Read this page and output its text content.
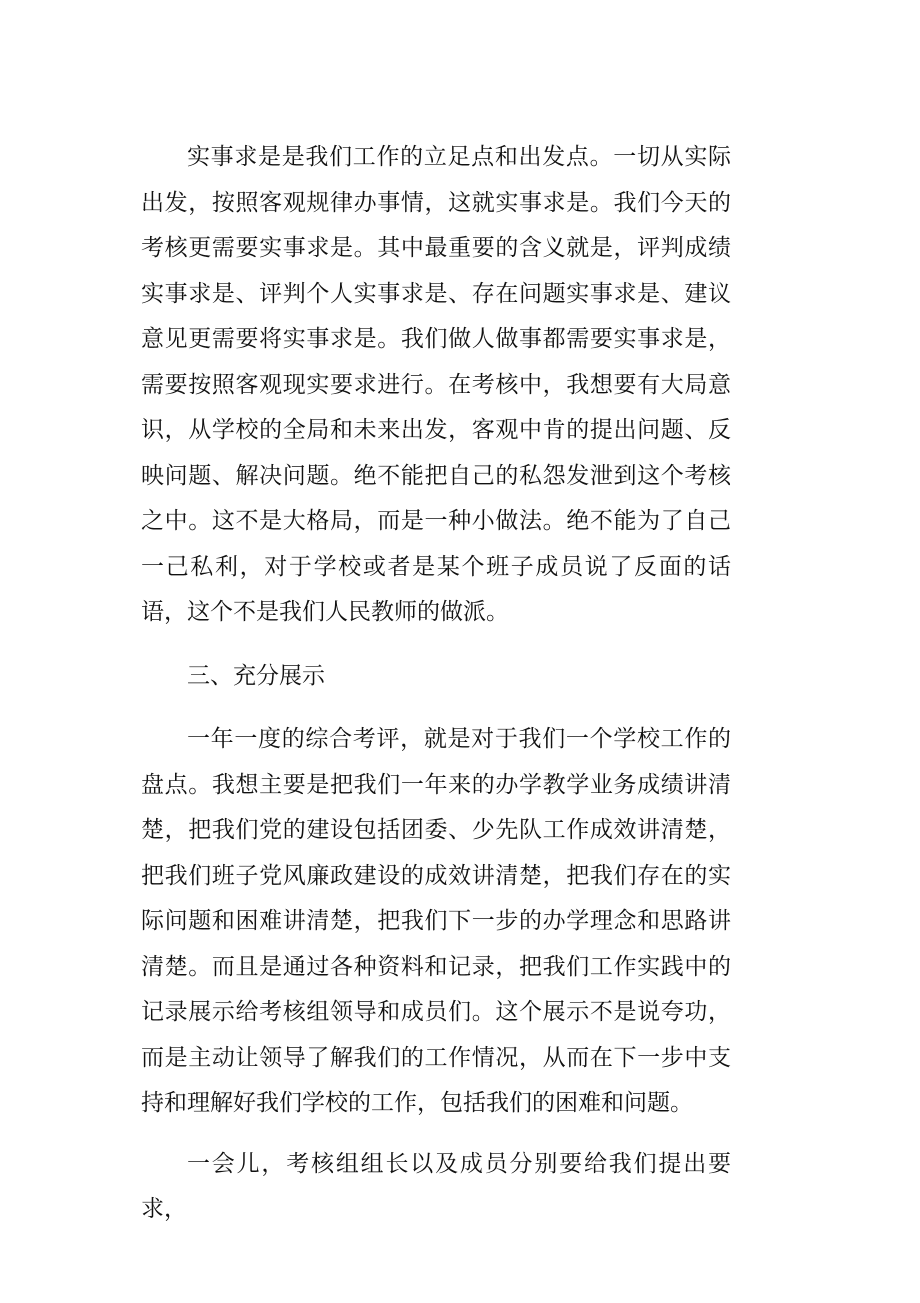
实事求是是我们工作的立足点和出发点。一切从实际出发，按照客观规律办事情，这就实事求是。我们今天的考核更需要实事求是。其中最重要的含义就是，评判成绩实事求是、评判个人实事求是、存在问题实事求是、建议意见更需要将实事求是。我们做人做事都需要实事求是，需要按照客观现实要求进行。在考核中，我想要有大局意识，从学校的全局和未来出发，客观中肯的提出问题、反映问题、解决问题。绝不能把自己的私怨发泄到这个考核之中。这不是大格局，而是一种小做法。绝不能为了自己一己私利，对于学校或者是某个班子成员说了反面的话语，这个不是我们人民教师的做派。

三、充分展示

一年一度的综合考评，就是对于我们一个学校工作的盘点。我想主要是把我们一年来的办学教学业务成绩讲清楚，把我们党的建设包括团委、少先队工作成效讲清楚，把我们班子党风廉政建设的成效讲清楚，把我们存在的实际问题和困难讲清楚，把我们下一步的办学理念和思路讲清楚。而且是通过各种资料和记录，把我们工作实践中的记录展示给考核组领导和成员们。这个展示不是说夸功，而是主动让领导了解我们的工作情况，从而在下一步中支持和理解好我们学校的工作，包括我们的困难和问题。

一会儿，考核组组长以及成员分别要给我们提出要求，
